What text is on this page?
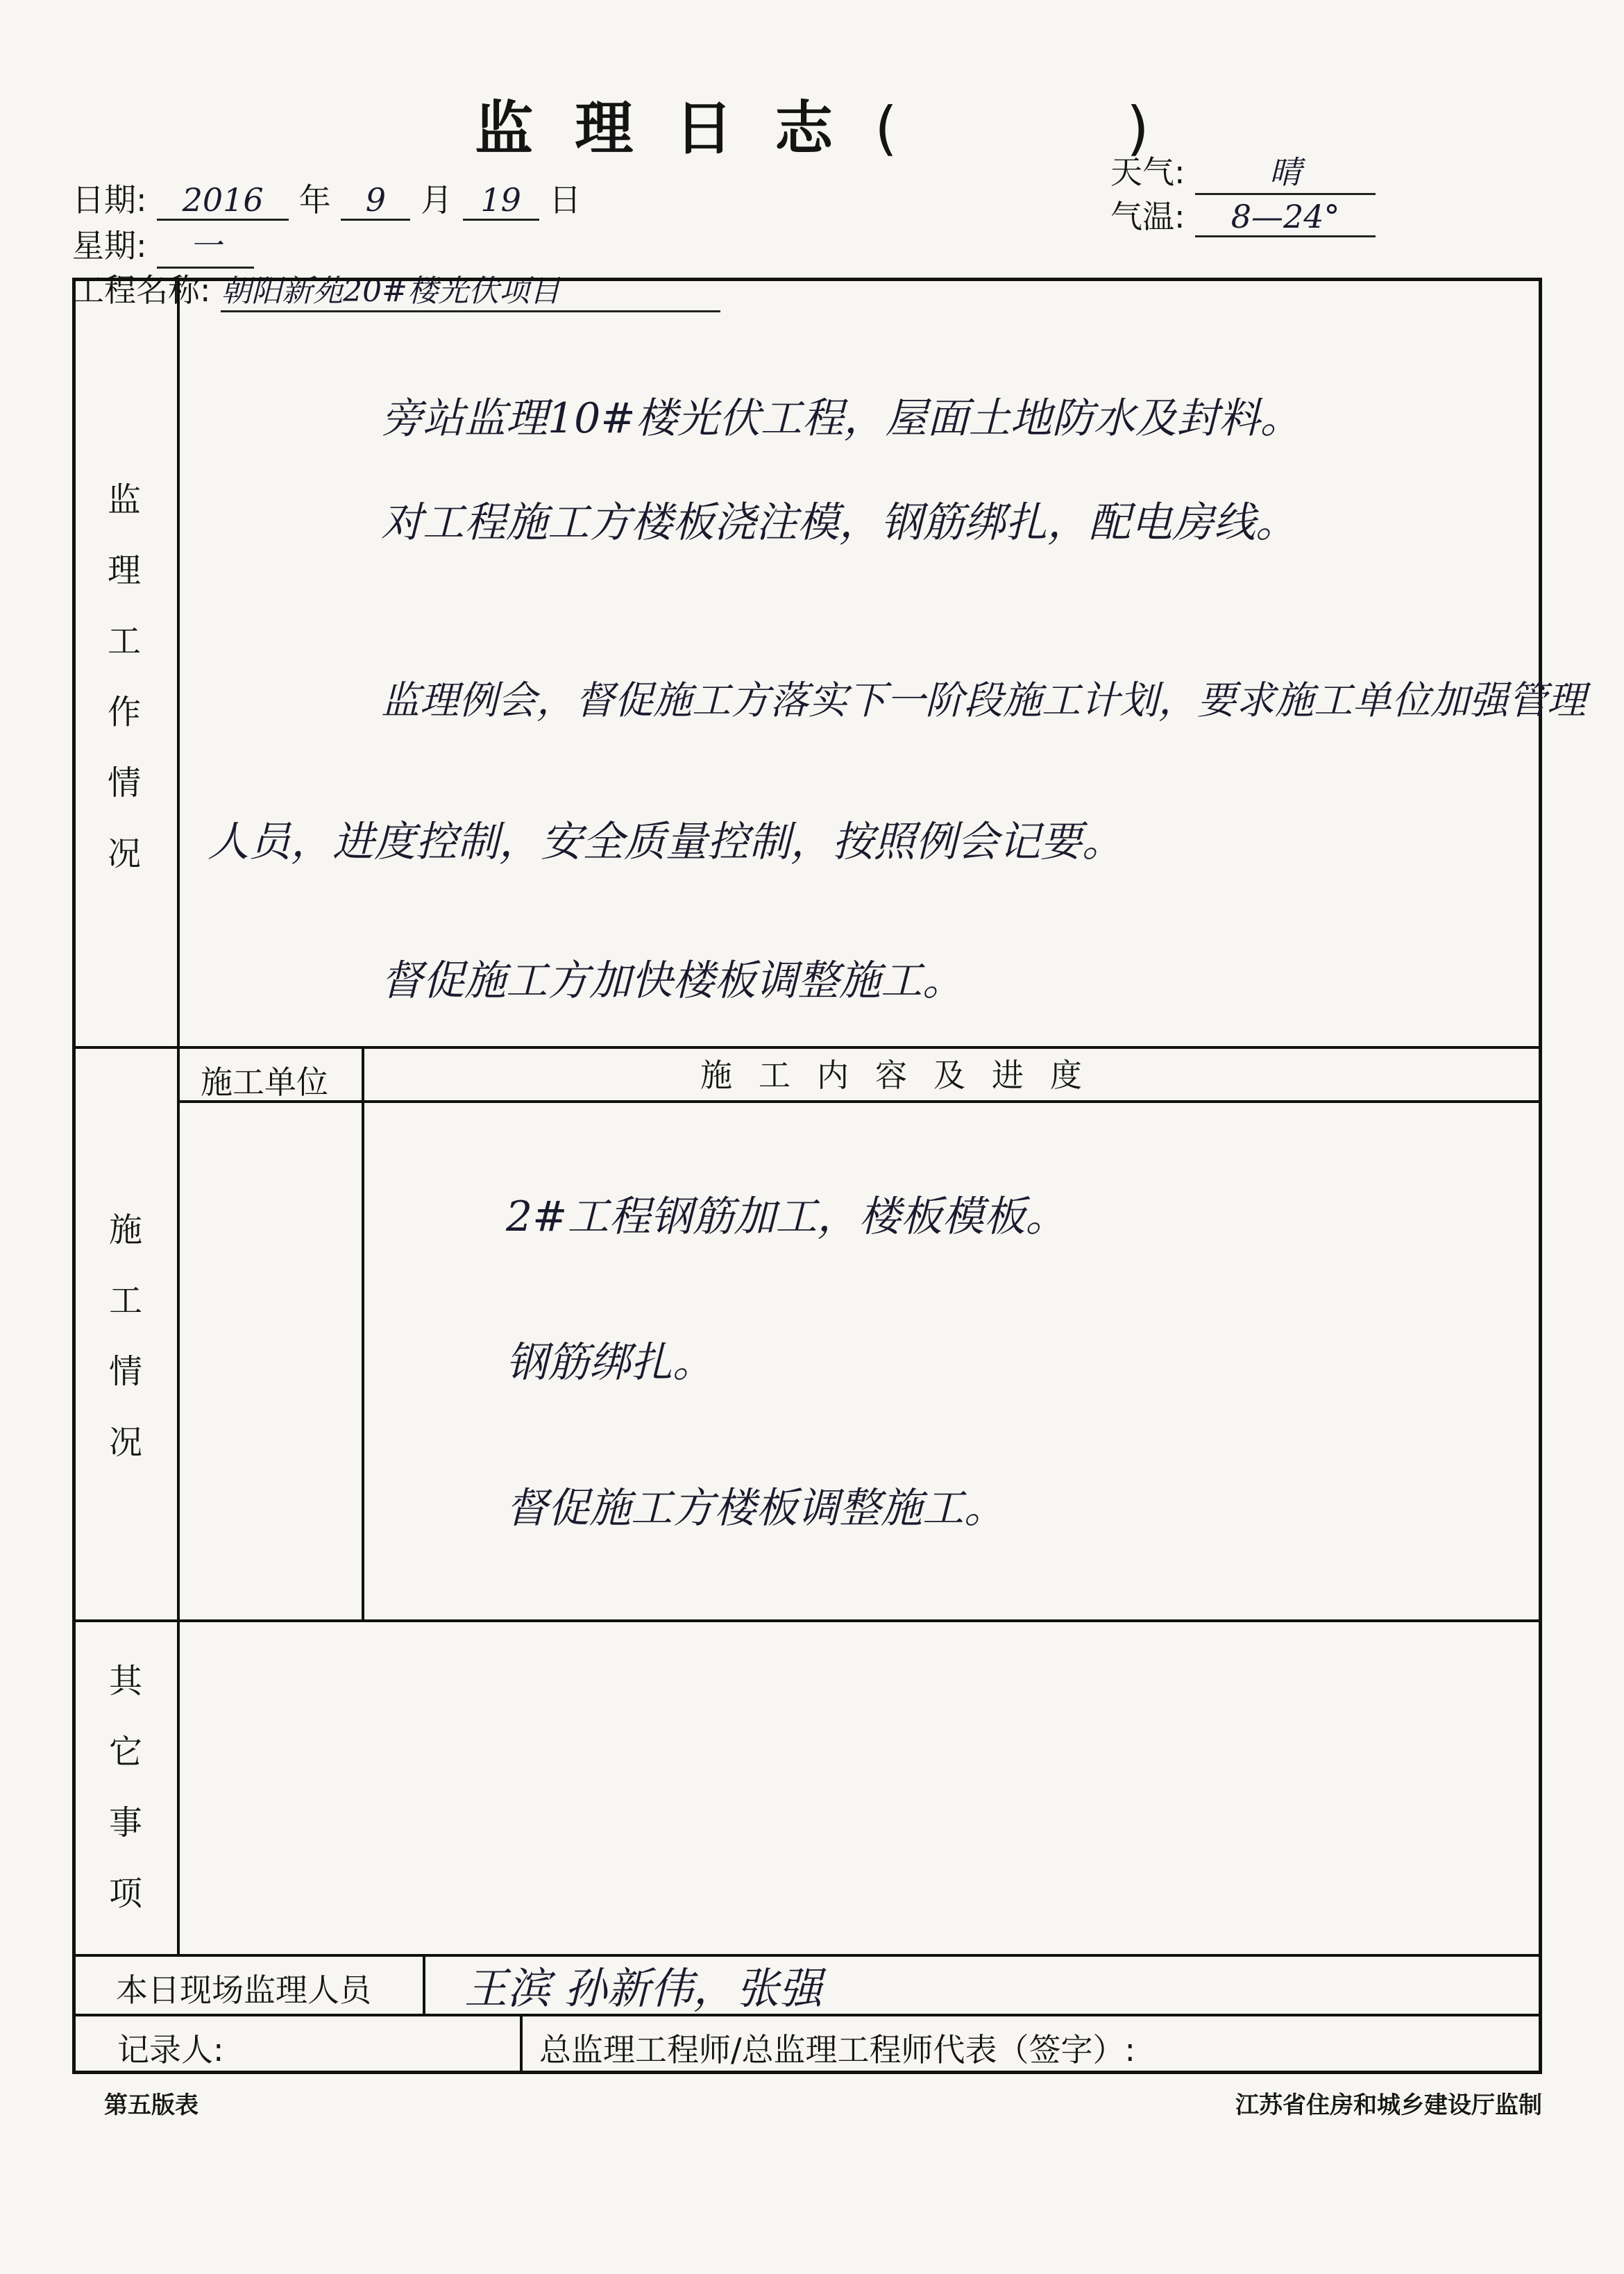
监理日志(	)
日期: 2016 年 9 月 19 日
星期: 一
工程名称: 朝阳新苑20#楼光伏项目
天气:	晴
气温: 8—24°
监
理
工
作
情
况
旁站监理10#楼光伏工程，屋面土地防水及封料。
对工程施工方楼板浇注模，钢筋绑扎，配电房线。
监理例会，督促施工方落实下一阶段施工计划，要求施工单位加强管理
人员，进度控制，安全质量控制，按照例会记要。
督促施工方加快楼板调整施工。
施
工
情
况
施工单位	施工内容及进度
2#工程钢筋加工，楼板模板。
钢筋绑扎。
督促施工方楼板调整施工。
其
它
事
项
本日现场监理人员 王滨 孙新伟，张强
记录人:	总监理工程师/总监理工程师代表（签字）:
第五版表	江苏省住房和城乡建设厅监制
